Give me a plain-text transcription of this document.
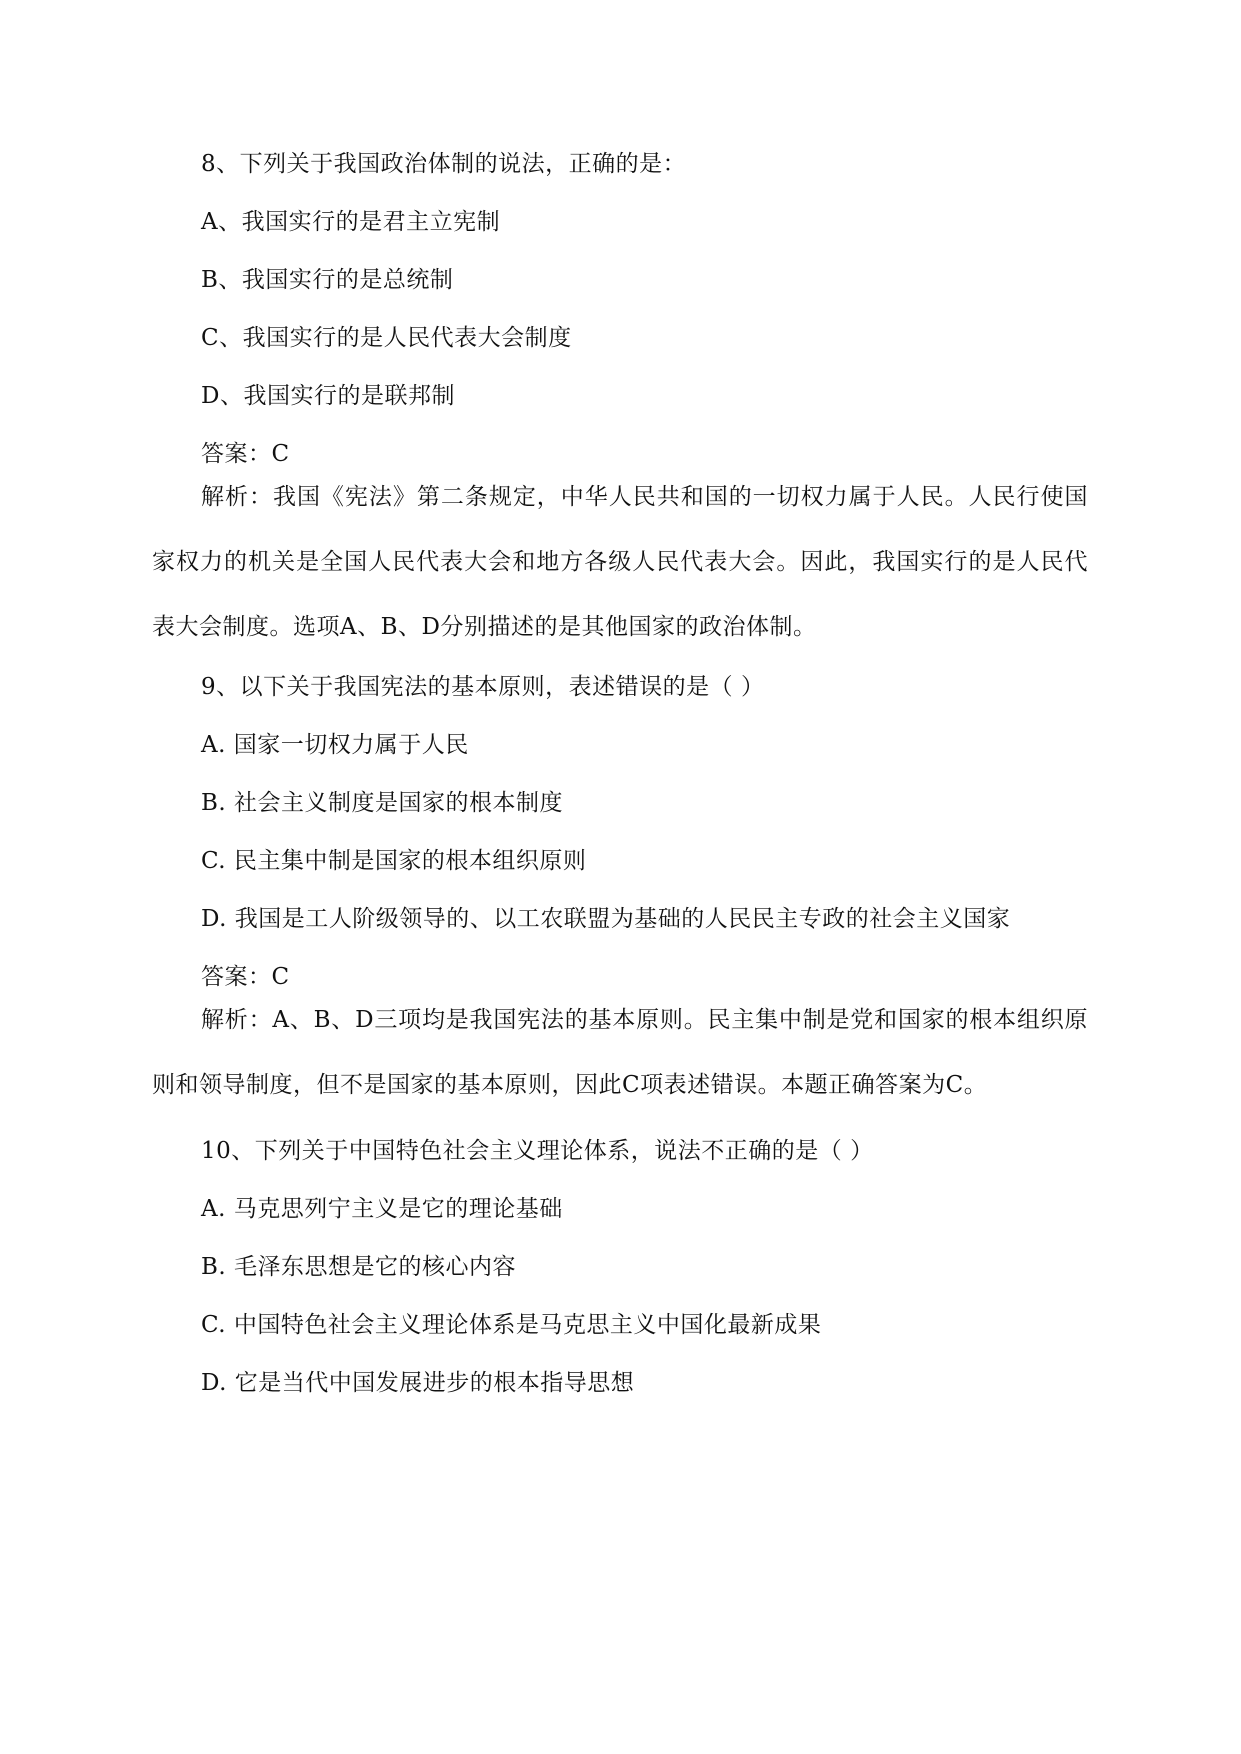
8、下列关于我国政治体制的说法，正确的是：
A、我国实行的是君主立宪制
B、我国实行的是总统制
C、我国实行的是人民代表大会制度
D、我国实行的是联邦制
答案：C

解析：我国《宪法》第二条规定，中华人民共和国的一切权力属于人民。人民行使国家权力的机关是全国人民代表大会和地方各级人民代表大会。因此，我国实行的是人民代表大会制度。选项A、B、D分别描述的是其他国家的政治体制。

9、以下关于我国宪法的基本原则，表述错误的是（ ）
A. 国家一切权力属于人民
B. 社会主义制度是国家的根本制度
C. 民主集中制是国家的根本组织原则
D. 我国是工人阶级领导的、以工农联盟为基础的人民民主专政的社会主义国家
答案：C

解析：A、B、D三项均是我国宪法的基本原则。民主集中制是党和国家的根本组织原则和领导制度，但不是国家的基本原则，因此C项表述错误。本题正确答案为C。

10、下列关于中国特色社会主义理论体系，说法不正确的是（ ）
A. 马克思列宁主义是它的理论基础
B. 毛泽东思想是它的核心内容
C. 中国特色社会主义理论体系是马克思主义中国化最新成果
D. 它是当代中国发展进步的根本指导思想
